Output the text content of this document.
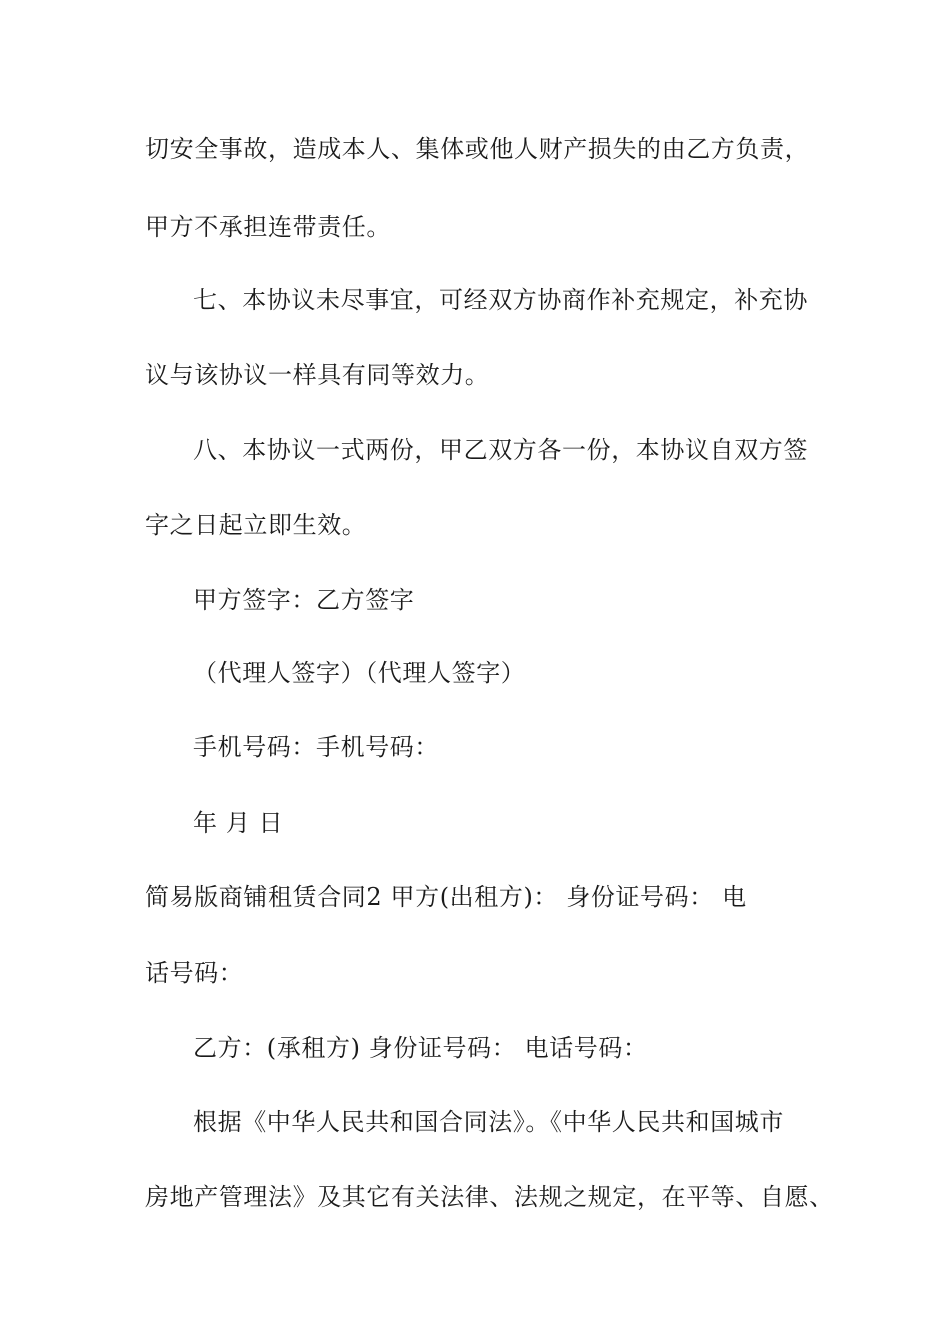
切安全事故，造成本人、集体或他人财产损失的由乙方负责，
甲方不承担连带责任。
七、本协议未尽事宜，可经双方协商作补充规定，补充协
议与该协议一样具有同等效力。
八、本协议一式两份，甲乙双方各一份，本协议自双方签
字之日起立即生效。
甲方签字：乙方签字
（代理人签字）（代理人签字）
手机号码：手机号码：
年 月 日
简易版商铺租赁合同2 甲方(出租方)： 身份证号码： 电
话号码：
乙方：(承租方) 身份证号码： 电话号码：
根据《中华人民共和国合同法》。《中华人民共和国城市
房地产管理法》及其它有关法律、法规之规定，在平等、自愿、
